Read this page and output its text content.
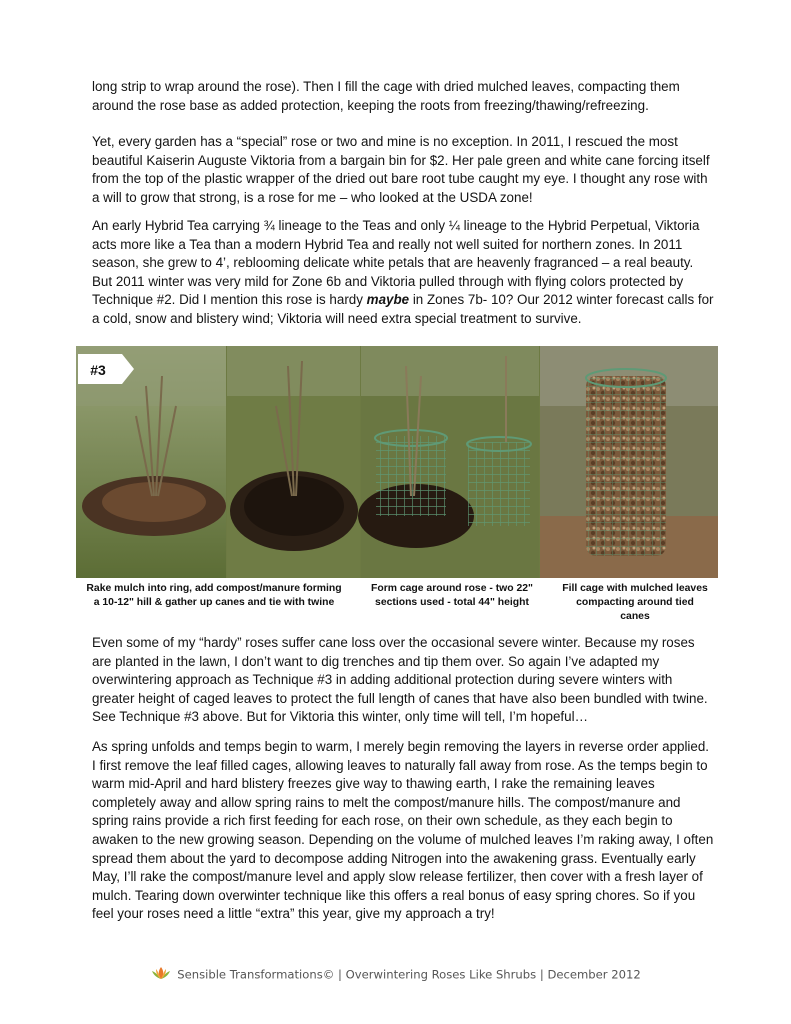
long strip to wrap around the rose). Then I fill the cage with dried mulched leaves, compacting them around the rose base as added protection, keeping the roots from freezing/thawing/refreezing.

Yet, every garden has a “special” rose or two and mine is no exception. In 2011, I rescued the most beautiful Kaiserin Auguste Viktoria from a bargain bin for $2. Her pale green and white cane forcing itself from the top of the plastic wrapper of the dried out bare root tube caught my eye. I thought any rose with a will to grow that strong, is a rose for me – who looked at the USDA zone!

An early Hybrid Tea carrying ¾ lineage to the Teas and only ¼ lineage to the Hybrid Perpetual, Viktoria acts more like a Tea than a modern Hybrid Tea and really not well suited for northern zones. In 2011 season, she grew to 4’, reblooming delicate white petals that are heavenly fragranced – a real beauty. But 2011 winter was very mild for Zone 6b and Viktoria pulled through with flying colors protected by Technique #2. Did I mention this rose is hardy maybe in Zones 7b- 10? Our 2012 winter forecast calls for a cold, snow and blistery wind; Viktoria will need extra special treatment to survive.

#3
Rake mulch into ring, add compost/manure forming a 10-12" hill & gather up canes and tie with twine
Form cage around rose - two 22" sections used - total 44" height
Fill cage with mulched leaves compacting around tied canes

Even some of my “hardy” roses suffer cane loss over the occasional severe winter. Because my roses are planted in the lawn, I don’t want to dig trenches and tip them over. So again I’ve adapted my overwintering approach as Technique #3 in adding additional protection during severe winters with greater height of caged leaves to protect the full length of canes that have also been bundled with twine. See Technique #3 above. But for Viktoria this winter, only time will tell, I’m hopeful…

As spring unfolds and temps begin to warm, I merely begin removing the layers in reverse order applied. I first remove the leaf filled cages, allowing leaves to naturally fall away from rose. As the temps begin to warm mid-April and hard blistery freezes give way to thawing earth, I rake the remaining leaves completely away and allow spring rains to melt the compost/manure hills. The compost/manure and spring rains provide a rich first feeding for each rose, on their own schedule, as they each begin to awaken to the new growing season. Depending on the volume of mulched leaves I’m raking away, I often spread them about the yard to decompose adding Nitrogen into the awakening grass. Eventually early May, I’ll rake the compost/manure level and apply slow release fertilizer, then cover with a fresh layer of mulch. Tearing down overwinter technique like this offers a real bonus of easy spring chores. So if you feel your roses need a little “extra” this year, give my approach a try!

Sensible Transformations© | Overwintering Roses Like Shrubs | December 2012
